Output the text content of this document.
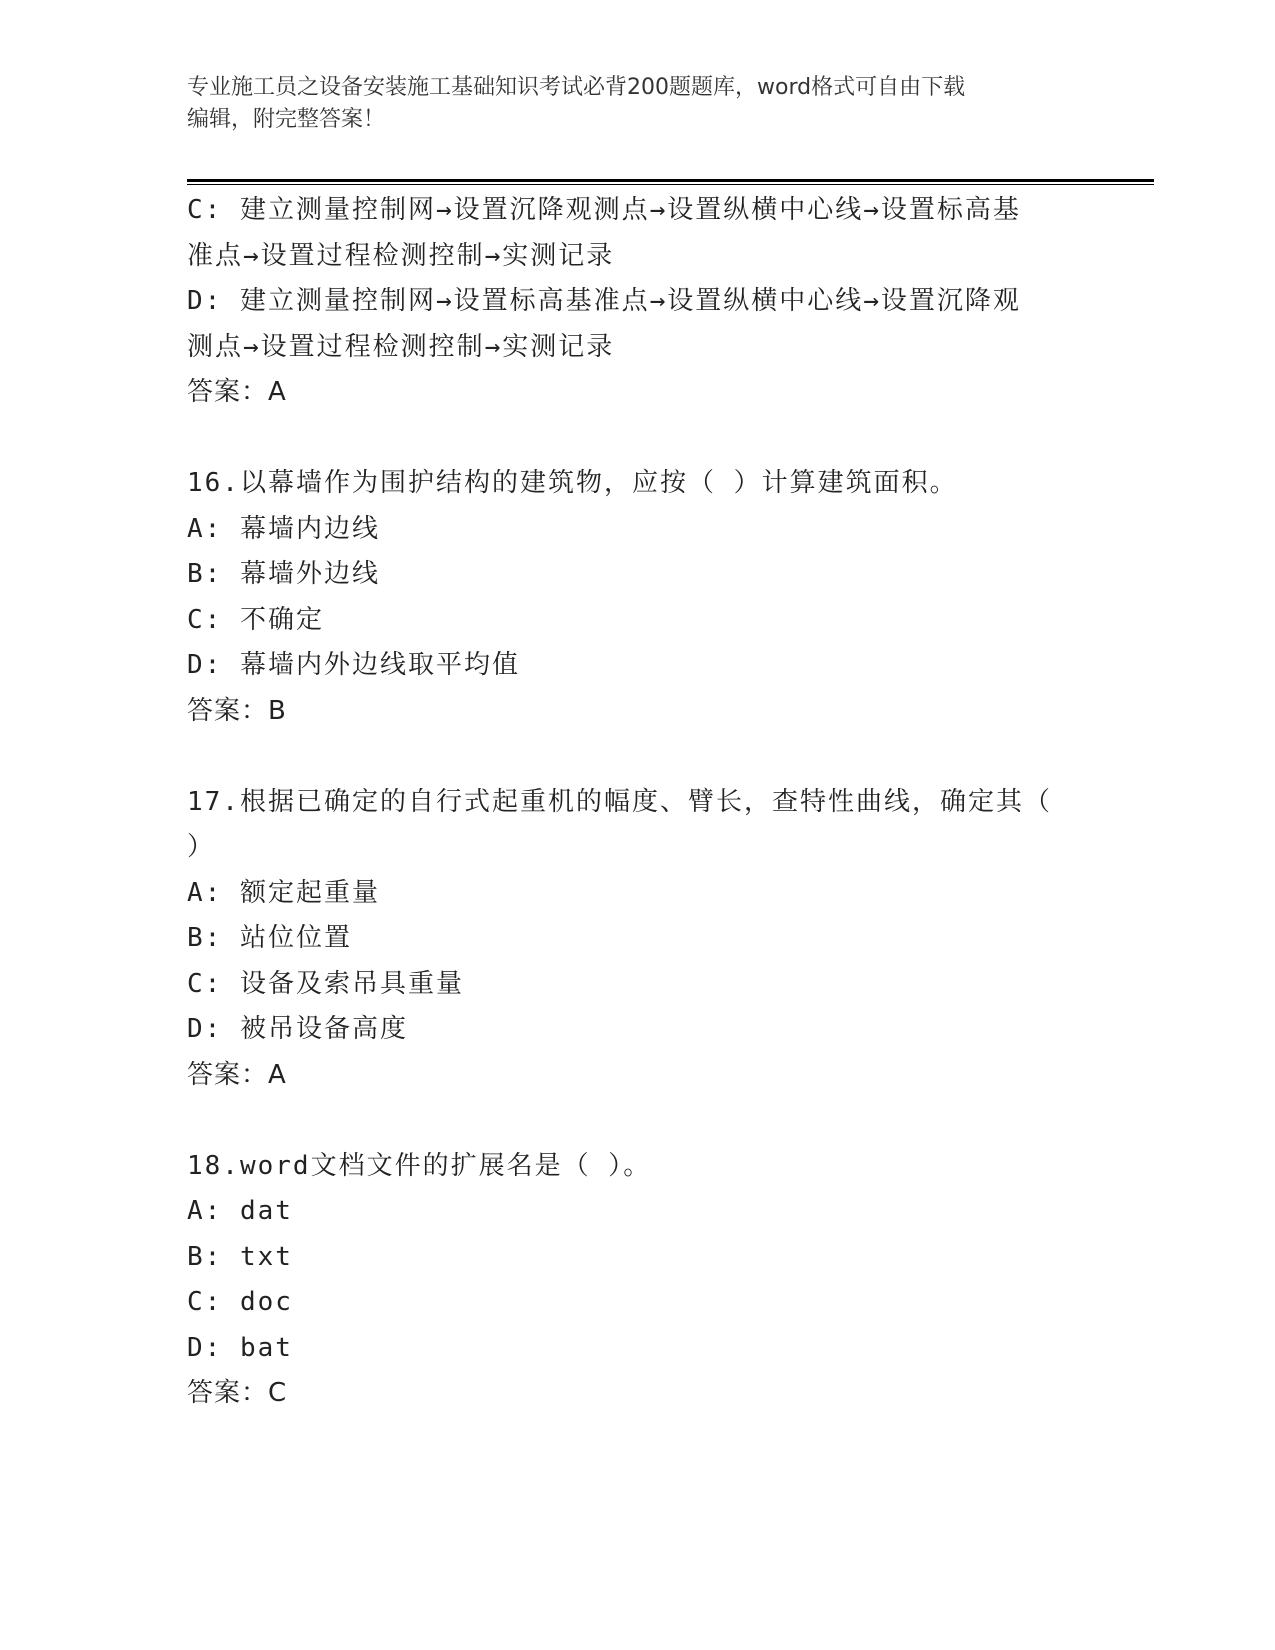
专业施工员之设备安装施工基础知识考试必背200题题库，word格式可自由下载
编辑，附完整答案！
C: 建立测量控制网→设置沉降观测点→设置纵横中心线→设置标高基
准点→设置过程检测控制→实测记录
D: 建立测量控制网→设置标高基准点→设置纵横中心线→设置沉降观
测点→设置过程检测控制→实测记录
答案：A
16.以幕墙作为围护结构的建筑物，应按（ ）计算建筑面积。
A: 幕墙内边线
B: 幕墙外边线
C: 不确定
D: 幕墙内外边线取平均值
答案：B
17.根据已确定的自行式起重机的幅度、臂长，查特性曲线，确定其（
）
A: 额定起重量
B: 站位位置
C: 设备及索吊具重量
D: 被吊设备高度
答案：A
18.word文档文件的扩展名是（ ）。
A: dat
B: txt
C: doc
D: bat
答案：C
